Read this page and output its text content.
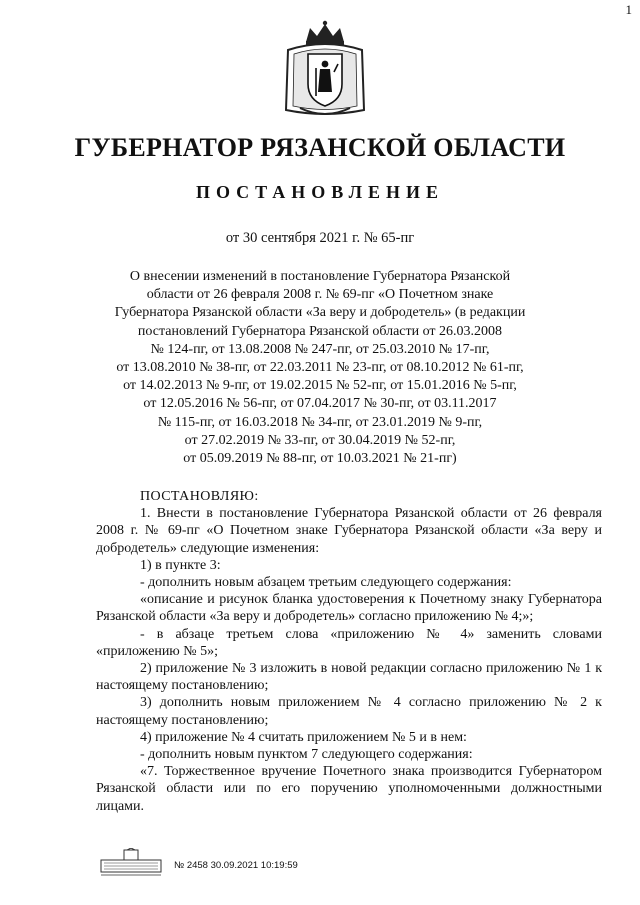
1
ГУБЕРНАТОР РЯЗАНСКОЙ ОБЛАСТИ
ПОСТАНОВЛЕНИЕ
от 30 сентября 2021 г. № 65-пг
О внесении изменений в постановление Губернатора Рязанской
области от 26 февраля 2008 г. № 69-пг «О Почетном знаке
Губернатора Рязанской области «За веру и добродетель» (в редакции
постановлений Губернатора Рязанской области от 26.03.2008
№ 124-пг, от 13.08.2008 № 247-пг, от 25.03.2010 № 17-пг,
от 13.08.2010 № 38-пг, от 22.03.2011 № 23-пг, от 08.10.2012 № 61-пг,
от 14.02.2013 № 9-пг, от 19.02.2015 № 52-пг, от 15.01.2016 № 5-пг,
от 12.05.2016 № 56-пг, от 07.04.2017 № 30-пг, от 03.11.2017
№ 115-пг, от 16.03.2018 № 34-пг, от 23.01.2019 № 9-пг,
от 27.02.2019 № 33-пг, от 30.04.2019 № 52-пг,
от 05.09.2019 № 88-пг, от 10.03.2021 № 21-пг)

ПОСТАНОВЛЯЮ:

1. Внести в постановление Губернатора Рязанской области от 26 февраля 2008 г. № 69-пг «О Почетном знаке Губернатора Рязанской области «За веру и добродетель» следующие изменения:

1) в пункте 3:

- дополнить новым абзацем третьим следующего содержания:

«описание и рисунок бланка удостоверения к Почетному знаку Губернатора Рязанской области «За веру и добродетель» согласно приложению № 4;»;

- в абзаце третьем слова «приложению № 4» заменить словами «приложению № 5»;

2) приложение № 3 изложить в новой редакции согласно приложению № 1 к настоящему постановлению;

3) дополнить новым приложением № 4 согласно приложению № 2 к настоящему постановлению;

4) приложение № 4 считать приложением № 5 и в нем:

- дополнить новым пунктом 7 следующего содержания:

«7. Торжественное вручение Почетного знака производится Губернатором Рязанской области или по его поручению уполномоченными должностными лицами.

№ 2458 30.09.2021 10:19:59
